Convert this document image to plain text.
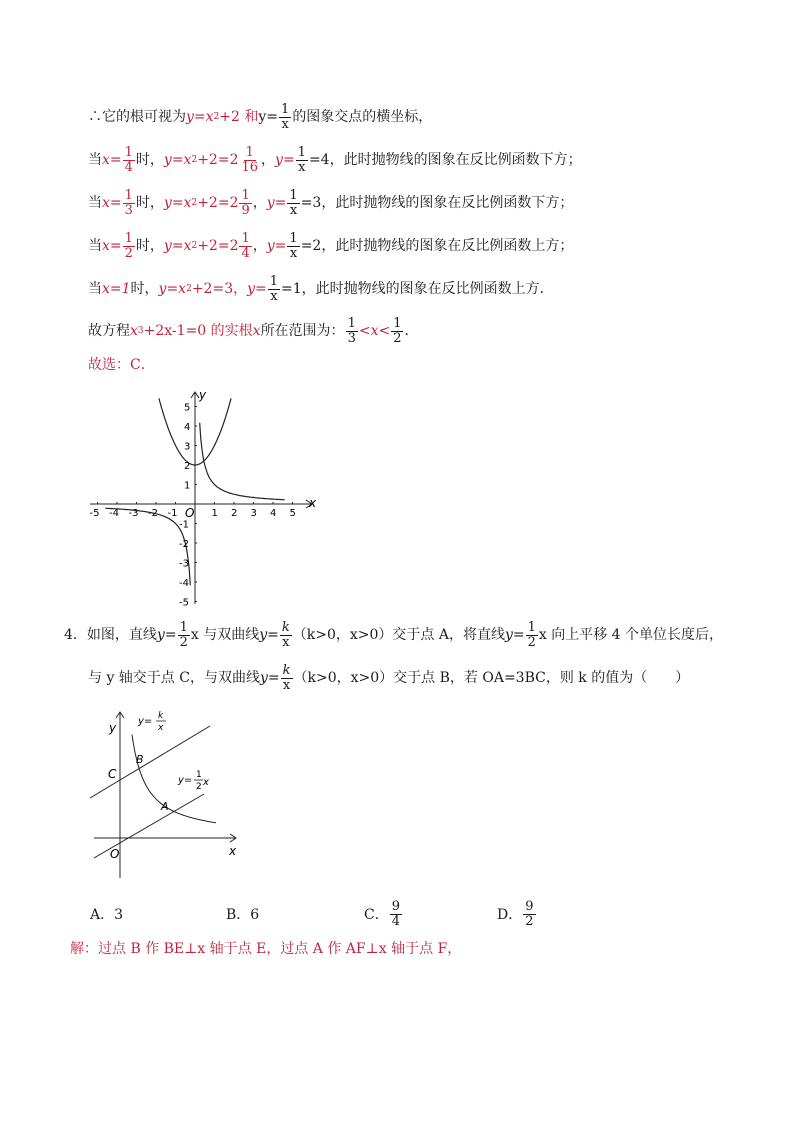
∴它的根可视为 y =x 2 +2 和 $y= \frac{1}{x}$ 的图象交点的横坐标，
当 $x= \frac{1}{4}$ 时， y=x $2 +2=2 \frac{1}{16}$ ， $y= \frac{1}{x} =4$，此时抛物线的图象在反比例函数下方；
当 $x= \frac{1}{3}$ 时， y=x $2 +2=2 \frac{1}{9}$ ， $y= \frac{1}{x} =3$，此时抛物线的图象在反比例函数下方；
当 $x= \frac{1}{2}$ 时， y=x $2 +2=2 \frac{1}{4}$ ， $y= \frac{1}{x} =2$，此时抛物线的图象在反比例函数上方；
当 x=1 时， y=x 2 +2=3， $y= \frac{1}{x} =1$，此时抛物线的图象在反比例函数上方．
故方程 x 3 +2x-1=0 的实根 x 所在范围为： $\frac{1}{3} <x< \frac{1}{2}$ ．
故选：C．
x
y
O
-5 -4 -3 -2 -1	1 2 3 4 5
5
4
3
2
1
-1
-2
-3
-4
-5
4．如图，直线 $y= \frac{1}{2}$ x 与双曲线 $y= \frac{k}{x} (k>0$，x>0）交于点 A，将直线 $y= \frac{1}{2}$ x 向上平移 4 个单位长度后，
与 y 轴交于点 C，与双曲线 $y= \frac{k}{x} (k>0$，x>0）交于点 B，若 OA=3BC，则 k 的值为（　　）
y
x
O
C
B
A
y= k
x
y= 1
2 x
A．3	B．6	C． $\frac{9}{4}$	D． $\frac{9}{2}$
解：过点 B 作 BE⊥x 轴于点 E，过点 A 作 AF⊥x 轴于点 F，
